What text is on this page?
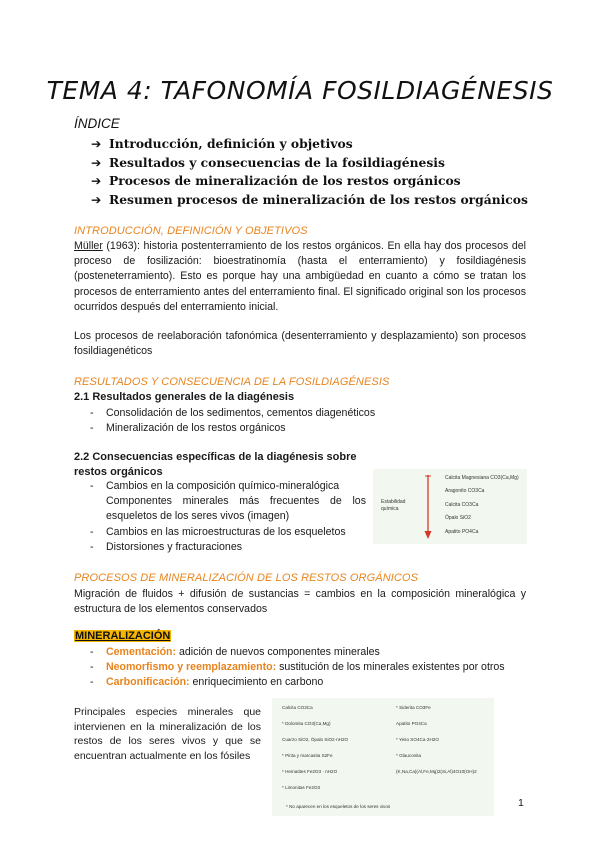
TEMA 4: TAFONOMÍA FOSILDIAGÉNESIS
ÍNDICE
➔ Introducción, definición y objetivos
➔ Resultados y consecuencias de la fosildiagénesis
➔ Procesos de mineralización de los restos orgánicos
➔ Resumen procesos de mineralización de los restos orgánicos
INTRODUCCIÓN, DEFINICIÓN Y OBJETIVOS

Müller (1963): historia postenterramiento de los restos orgánicos. En ella hay dos procesos del proceso de fosilización: bioestratinomía (hasta el enterramiento) y fosildiagénesis (posteneterramiento). Esto es porque hay una ambigüedad en cuanto a cómo se tratan los procesos de enterramiento antes del enterramiento final. El significado original son los procesos ocurridos después del enterramiento inicial.

Los procesos de reelaboración tafonómica (desenterramiento y desplazamiento) son procesos fosildiagenéticos

RESULTADOS Y CONSECUENCIA DE LA FOSILDIAGÉNESIS
2.1 Resultados generales de la diagénesis
- Consolidación de los sedimentos, cementos diagenéticos
- Mineralización de los restos orgánicos
2.2 Consecuencias específicas de la diagénesis sobre restos orgánicos
- Cambios en la composición químico-mineralógica
Componentes minerales más frecuentes de los esqueletos de los seres vivos (imagen)
- Cambios en las microestructuras de los esqueletos
- Distorsiones y fracturaciones
Estabilidad química
Calcita Magnesiana CO3(Ca,Mg)
Aragonito CO3Ca
Calcita CO3Ca
Ópalo SiO2
Apatito PO4Ca
PROCESOS DE MINERALIZACIÓN DE LOS RESTOS ORGÁNICOS

Migración de fluidos + difusión de sustancias = cambios en la composición mineralógica y estructura de los elementos conservados

MINERALIZACIÓN
- Cementación: adición de nuevos componentes minerales
- Neomorfismo y reemplazamiento: sustitución de los minerales existentes por otros
- Carbonificación: enriquecimiento en carbono

Principales especies minerales que intervienen en la mineralización de los restos de los seres vivos y que se encuentran actualmente en los fósiles

Calcita CO3Ca
* Dolomita CO3(Ca,Mg)
Cuarzo SiO2, Ópalo SiO2·nH2O
* Pirita y marcasita S2Fe
* Hematites Fe2O3 · nH2O
* Limonitas Fe2O3
* Siderita CO3Fe
Apatito PO4Ca
* Yeso SO4Ca·2H2O
* Glauconita
(K,Na,Ca)(Al,Fe,Mg)2(Si,Al)4O10(OH)2
* No aparecen en los esqueletos de los seres vivos	1
